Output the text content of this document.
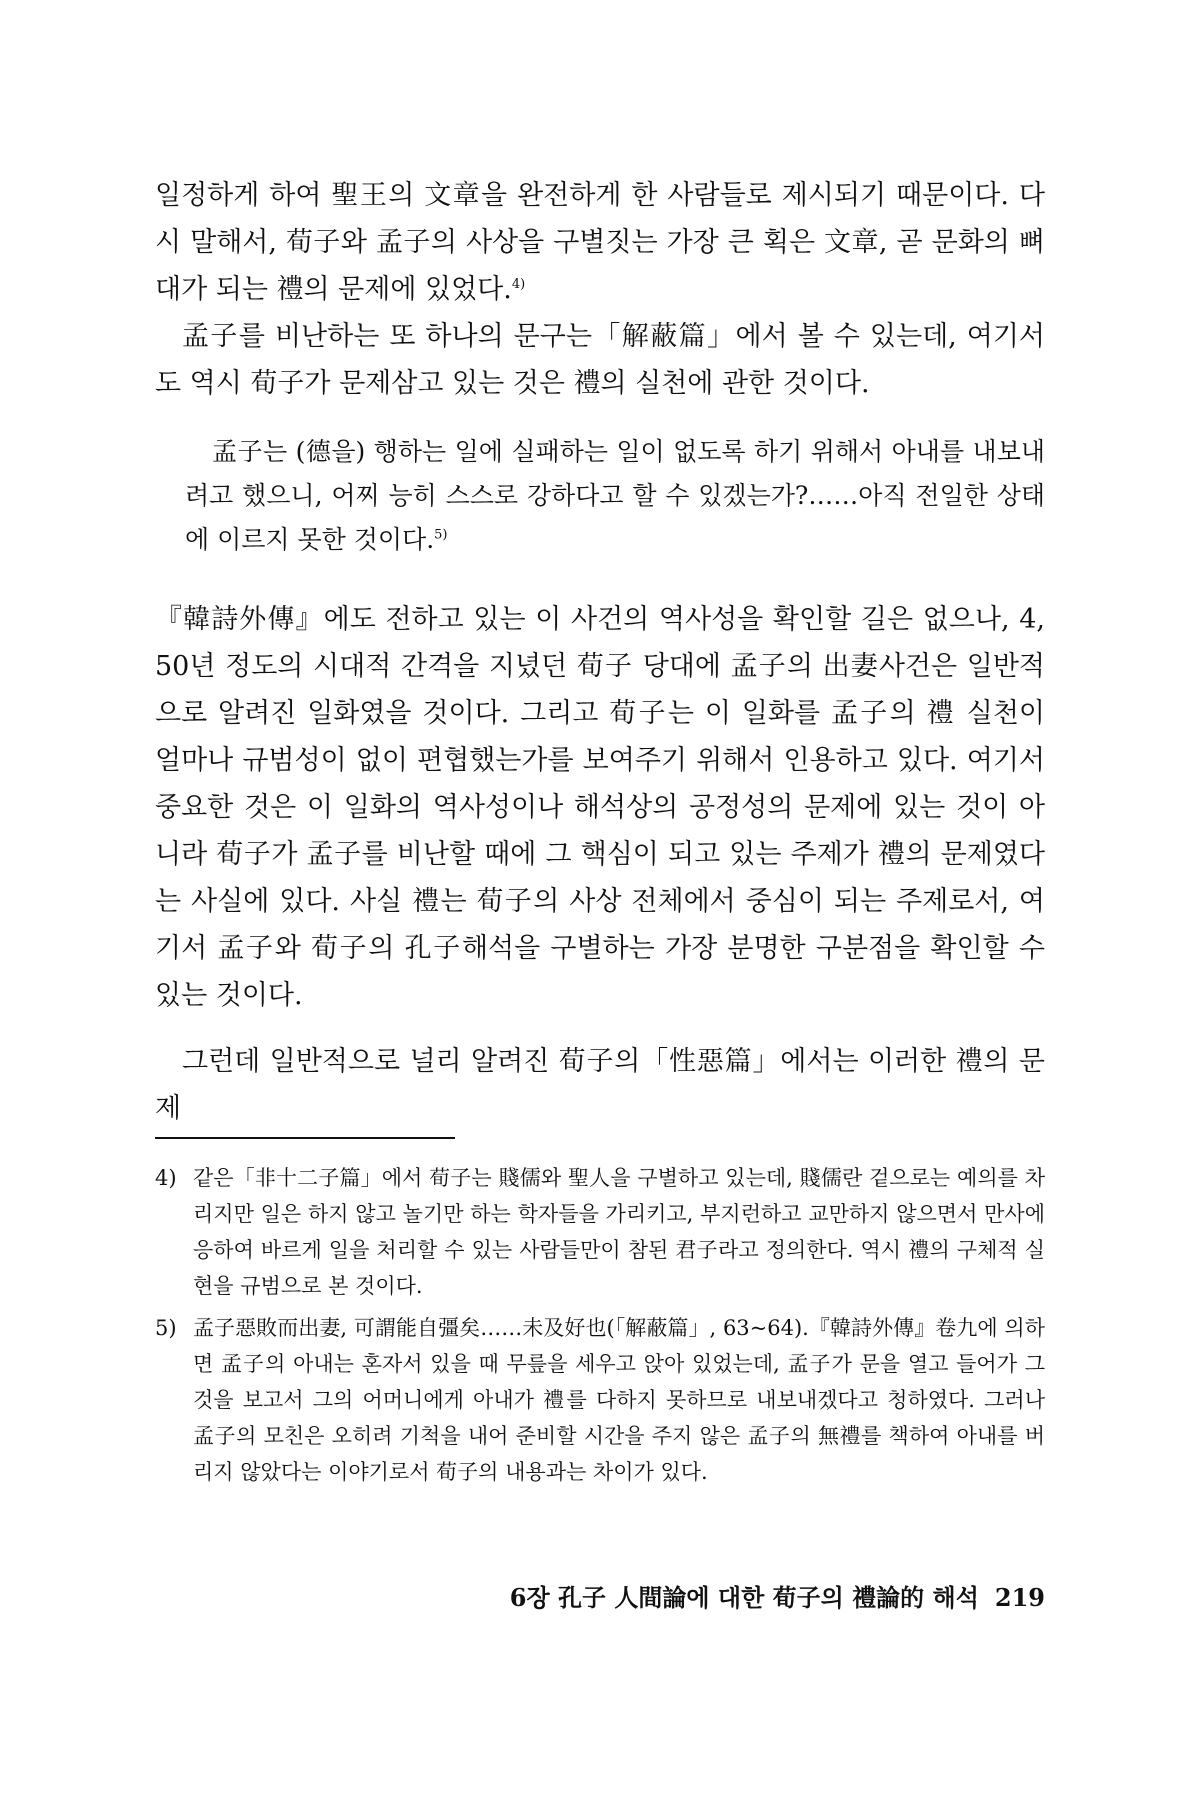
일정하게 하여 聖王의 文章을 완전하게 한 사람들로 제시되기 때문이다. 다시 말해서, 荀子와 孟子의 사상을 구별짓는 가장 큰 획은 文章, 곧 문화의 뼈대가 되는 禮의 문제에 있었다.$^{4)}$

孟子를 비난하는 또 하나의 문구는「解蔽篇」에서 볼 수 있는데, 여기서도 역시 荀子가 문제삼고 있는 것은 禮의 실천에 관한 것이다.

孟子는 (德을) 행하는 일에 실패하는 일이 없도록 하기 위해서 아내를 내보내려고 했으니, 어찌 능히 스스로 강하다고 할 수 있겠는가?……아직 전일한 상태에 이르지 못한 것이다.$^{5)}$

『韓詩外傳』에도 전하고 있는 이 사건의 역사성을 확인할 길은 없으나, 4, 50년 정도의 시대적 간격을 지녔던 荀子 당대에 孟子의 出妻사건은 일반적으로 알려진 일화였을 것이다. 그리고 荀子는 이 일화를 孟子의 禮 실천이 얼마나 규범성이 없이 편협했는가를 보여주기 위해서 인용하고 있다. 여기서 중요한 것은 이 일화의 역사성이나 해석상의 공정성의 문제에 있는 것이 아니라 荀子가 孟子를 비난할 때에 그 핵심이 되고 있는 주제가 禮의 문제였다는 사실에 있다. 사실 禮는 荀子의 사상 전체에서 중심이 되는 주제로서, 여기서 孟子와 荀子의 孔子해석을 구별하는 가장 분명한 구분점을 확인할 수 있는 것이다.

그런데 일반적으로 널리 알려진 荀子의「性惡篇」에서는 이러한 禮의 문제

4) 같은「非十二子篇」에서 荀子는 賤儒와 聖人을 구별하고 있는데, 賤儒란 겉으로는 예의를 차리지만 일은 하지 않고 놀기만 하는 학자들을 가리키고, 부지런하고 교만하지 않으면서 만사에 응하여 바르게 일을 처리할 수 있는 사람들만이 참된 君子라고 정의한다. 역시 禮의 구체적 실현을 규범으로 본 것이다.
5) 孟子惡敗而出妻, 可謂能自彊矣……未及好也(「解蔽篇」, 63~64).『韓詩外傳』卷九에 의하면 孟子의 아내는 혼자서 있을 때 무릎을 세우고 앉아 있었는데, 孟子가 문을 열고 들어가 그것을 보고서 그의 어머니에게 아내가 禮를 다하지 못하므로 내보내겠다고 청하였다. 그러나 孟子의 모친은 오히려 기척을 내어 준비할 시간을 주지 않은 孟子의 無禮를 책하여 아내를 버리지 않았다는 이야기로서 荀子의 내용과는 차이가 있다.
6장 孔子 人間論에 대한 荀子의 禮論的 해석 219
